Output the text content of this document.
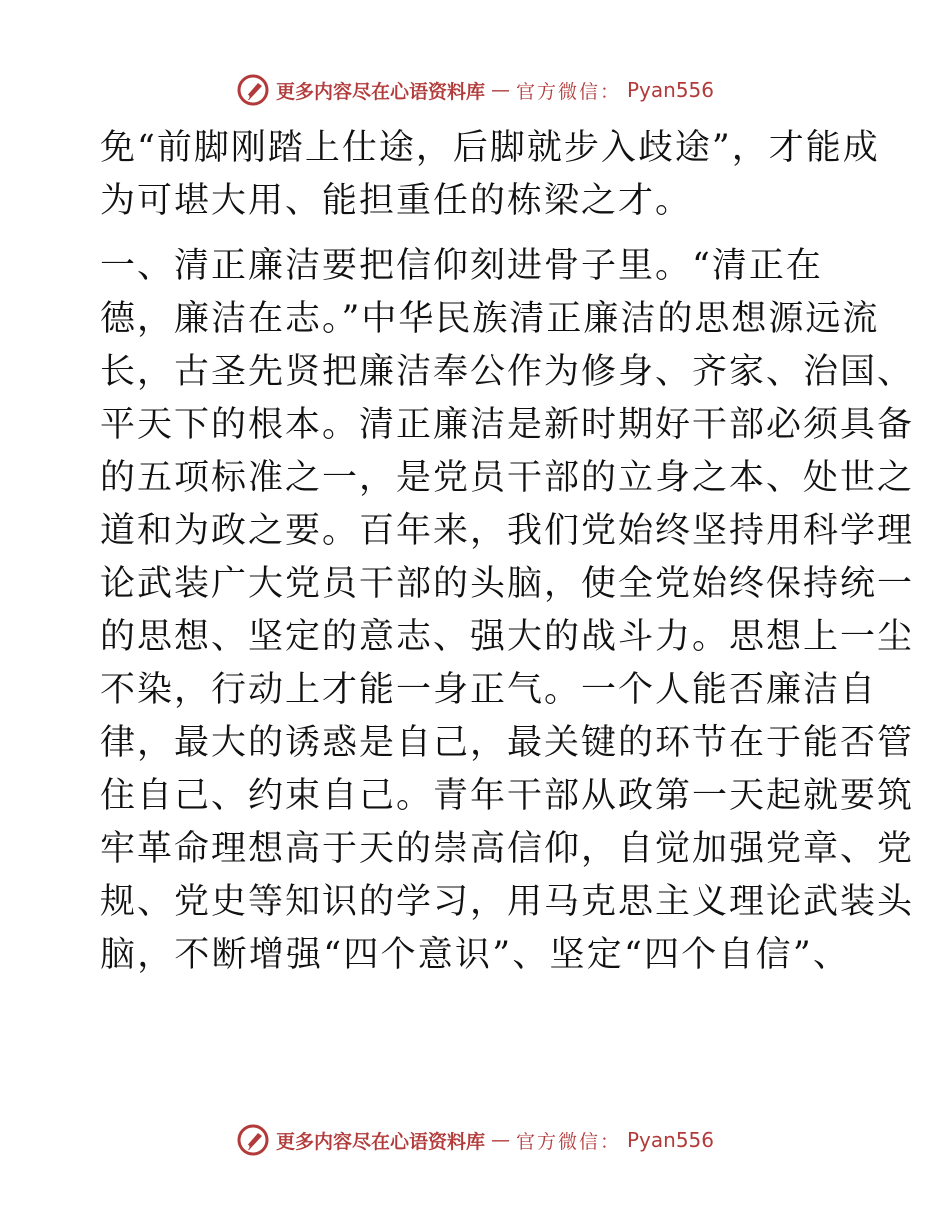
更多内容尽在心语资料库 — 官方微信： Pyan556
免“前脚刚踏上仕途，后脚就步入歧途”，才能成
为可堪大用、能担重任的栋梁之才。
一、清正廉洁要把信仰刻进骨子里。“清正在
德，廉洁在志。”中华民族清正廉洁的思想源远流
长，古圣先贤把廉洁奉公作为修身、齐家、治国、
平天下的根本。清正廉洁是新时期好干部必须具备
的五项标准之一，是党员干部的立身之本、处世之
道和为政之要。百年来，我们党始终坚持用科学理
论武装广大党员干部的头脑，使全党始终保持统一
的思想、坚定的意志、强大的战斗力。思想上一尘
不染，行动上才能一身正气。一个人能否廉洁自
律，最大的诱惑是自己，最关键的环节在于能否管
住自己、约束自己。青年干部从政第一天起就要筑
牢革命理想高于天的崇高信仰，自觉加强党章、党
规、党史等知识的学习，用马克思主义理论武装头
脑，不断增强“四个意识”、坚定“四个自信”、
更多内容尽在心语资料库 — 官方微信： Pyan556
